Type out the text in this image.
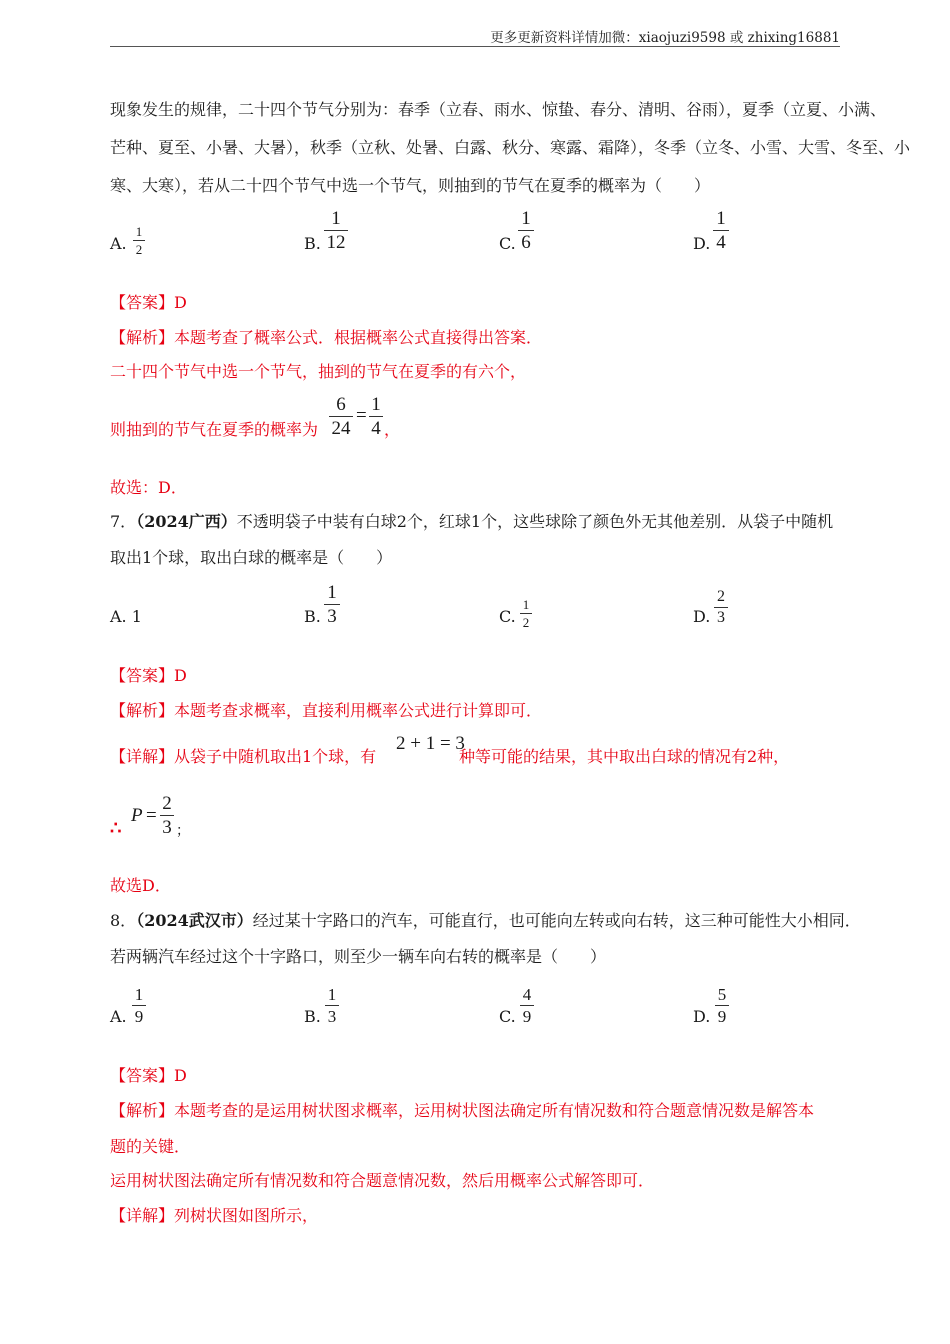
更多更新资料详情加微：xiaojuzi9598 或 zhixing16881
现象发生的规律，二十四个节气分别为：春季（立春、雨水、惊蛰、春分、清明、谷雨），夏季（立夏、小满、
芒种、夏至、小暑、大暑），秋季（立秋、处暑、白露、秋分、寒露、霜降），冬季（立冬、小雪、大雪、冬至、小
寒、大寒），若从二十四个节气中选一个节气，则抽到的节气在夏季的概率为（　　）
A.
1
2	B.
1
12	C.
1
6	D.
1
4
【答案】D
【解析】本题考查了概率公式．根据概率公式直接得出答案．
二十四个节气中选一个节气，抽到的节气在夏季的有六个，
则抽到的节气在夏季的概率为
6
24
=
1
4 ，
故选：D．
7．（2024广西）不透明袋子中装有白球2个，红球1个，这些球除了颜色外无其他差别．从袋子中随机
取出1个球，取出白球的概率是（　　）
A. 1	B.
1
3	C.
1
2	D.
2
3
【答案】D
【解析】本题考查求概率，直接利用概率公式进行计算即可．
【详解】从袋子中随机取出1个球，有
2 + 1 = 3
种等可能的结果，其中取出白球的情况有2种，
∴
P =
2
3 ；
故选D．
8．（2024武汉市）经过某十字路口的汽车，可能直行，也可能向左转或向右转，这三种可能性大小相同．
若两辆汽车经过这个十字路口，则至少一辆车向右转的概率是（　　）
A.
1
9	B.
1
3	C.
4
9	D.
5
9
【答案】D
【解析】本题考查的是运用树状图求概率，运用树状图法确定所有情况数和符合题意情况数是解答本
题的关键．
运用树状图法确定所有情况数和符合题意情况数，然后用概率公式解答即可．
【详解】列树状图如图所示，
